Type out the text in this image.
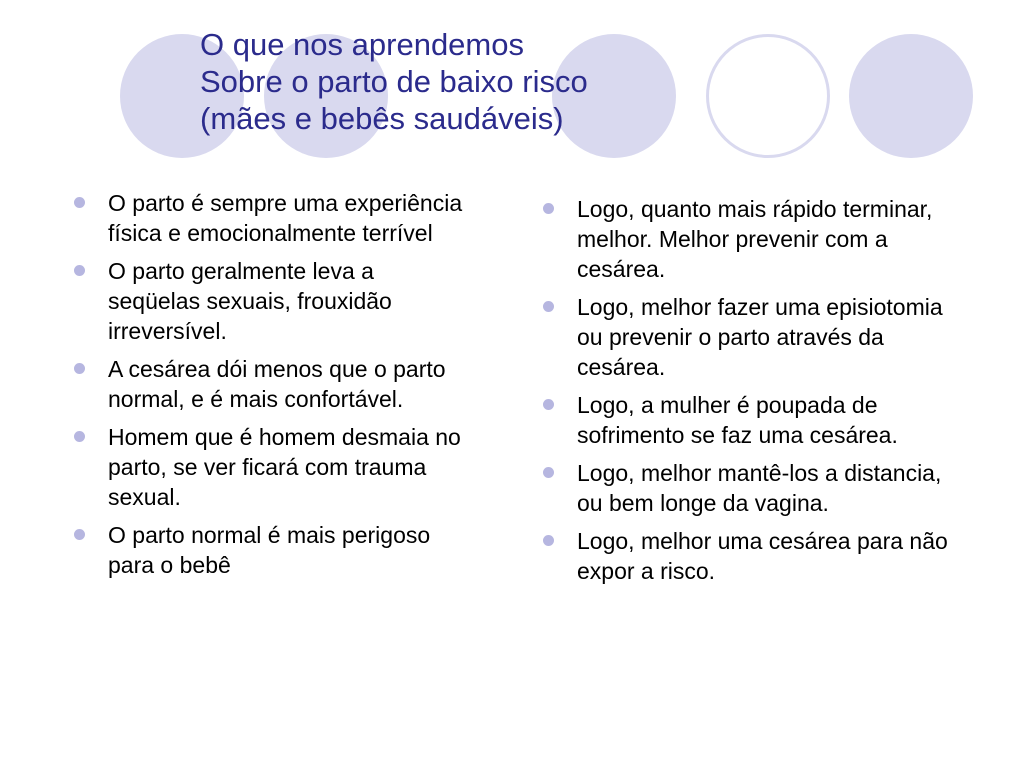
O que nos aprendemos
Sobre o parto de baixo risco
(mães e bebês saudáveis)
O parto é sempre uma experiência física e emocionalmente terrível
O parto geralmente leva a seqüelas sexuais, frouxidão irreversível.
A cesárea dói menos que o parto normal, e é mais confortável.
Homem que é homem desmaia no parto, se ver ficará com trauma sexual.
O parto normal é mais perigoso para o bebê
Logo, quanto mais rápido terminar, melhor. Melhor prevenir com a cesárea.
Logo, melhor fazer uma episiotomia ou prevenir o parto através da cesárea.
Logo, a mulher é poupada de sofrimento se faz uma cesárea.
Logo, melhor mantê-los a distancia, ou bem longe da vagina.
Logo, melhor uma cesárea para não expor a risco.
